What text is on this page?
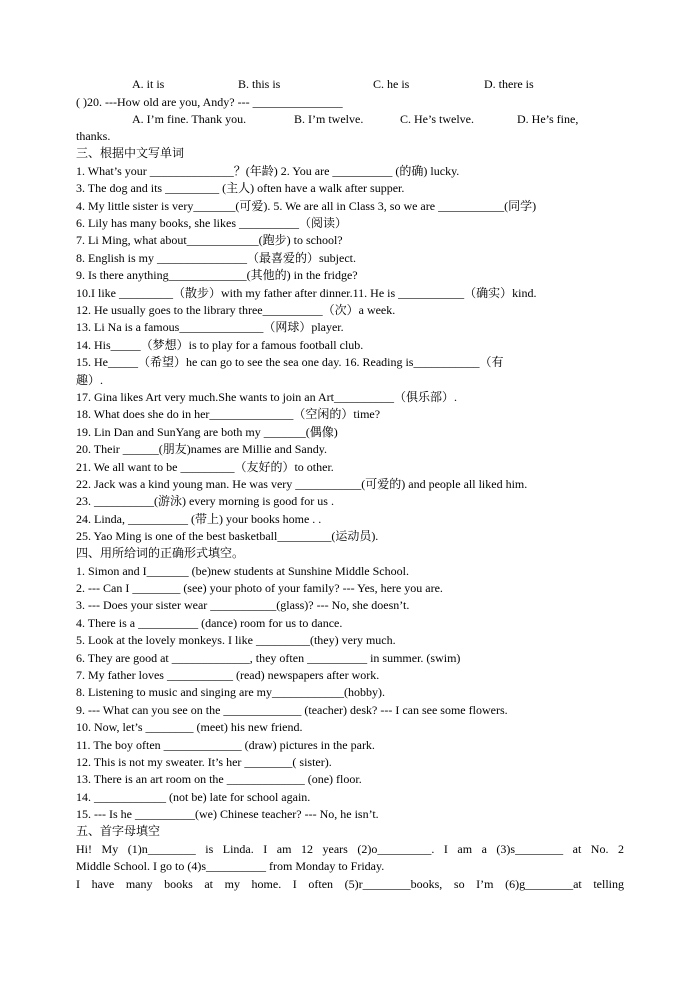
A. it is	B. this is	C. he is	D. there is
( )20. ---How old are you, Andy? --- _______________
A. I’m fine. Thank you.	B. I’m twelve.	C. He’s twelve.	D. He’s fine,
thanks.
三、根据中文写单词
1. What’s your ______________？(年龄) 2. You are __________ (的确) lucky.
3. The dog and its _________ (主人) often have a walk after supper.
4. My little sister is very_______(可爱). 5. We are all in Class 3, so we are ___________(同学)
6. Lily has many books, she likes __________（阅读）
7. Li Ming, what about____________(跑步) to school?
8. English is my _______________（最喜爱的）subject.
9. Is there anything_____________(其他的) in the fridge?
10.I like _________（散步）with my father after dinner.11. He is ___________（确实）kind.
12. He usually goes to the library three__________（次）a week.
13. Li Na is a famous______________（网球）player.
14. His_____（梦想）is to play for a famous football club.
15. He_____（希望）he can go to see the sea one day. 16. Reading is___________（有
趣）.
17. Gina likes Art very much.She wants to join an Art__________（俱乐部）.
18. What does she do in her______________（空闲的）time?
19. Lin Dan and SunYang are both my _______(偶像)
20. Their ______(朋友)names are Millie and Sandy.
21. We all want to be _________（友好的）to other.
22. Jack was a kind young man. He was very ___________(可爱的) and people all liked him.
23. __________(游泳) every morning is good for us .
24. Linda, __________ (带上) your books home . .
25. Yao Ming is one of the best basketball_________(运动员).
四、用所给词的正确形式填空。
1. Simon and I_______ (be)new students at Sunshine Middle School.
2. --- Can I ________ (see) your photo of your family? --- Yes, here you are.
3. --- Does your sister wear ___________(glass)? --- No, she doesn’t.
4. There is a __________ (dance) room for us to dance.
5. Look at the lovely monkeys. I like _________(they) very much.
6. They are good at _____________, they often __________ in summer. (swim)
7. My father loves ___________ (read) newspapers after work.
8. Listening to music and singing are my____________(hobby).
9. --- What can you see on the _____________ (teacher) desk? --- I can see some flowers.
10. Now, let’s ________ (meet) his new friend.
11. The boy often _____________ (draw) pictures in the park.
12. This is not my sweater. It’s her ________( sister).
13. There is an art room on the _____________ (one) floor.
14. ____________ (not be) late for school again.
15. --- Is he __________(we) Chinese teacher? --- No, he isn’t.
五、首字母填空
Hi! My (1)n________ is Linda. I am 12 years (2)o_________. I am a (3)s________ at No. 2
Middle School. I go to (4)s__________ from Monday to Friday.
I have many books at my home. I often (5)r________books, so I’m (6)g________at telling
